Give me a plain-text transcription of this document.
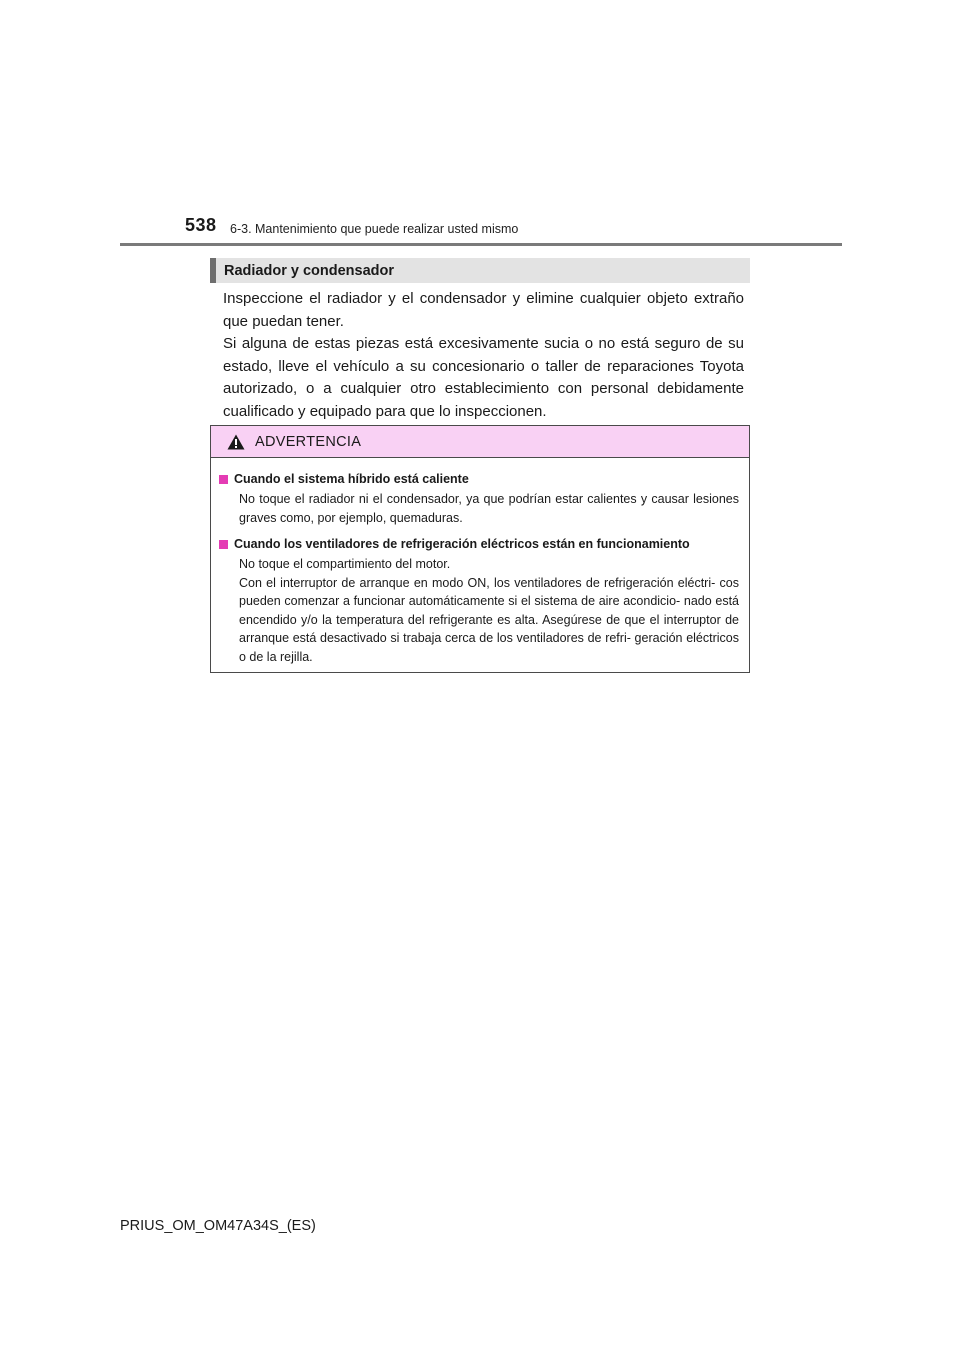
538 6-3. Mantenimiento que puede realizar usted mismo
Radiador y condensador

Inspeccione el radiador y el condensador y elimine cualquier objeto extraño que puedan tener.

Si alguna de estas piezas está excesivamente sucia o no está seguro de su estado, lleve el vehículo a su concesionario o taller de reparaciones Toyota autorizado, o a cualquier otro establecimiento con personal debidamente cualificado y equipado para que lo inspeccionen.

ADVERTENCIA
Cuando el sistema híbrido está caliente

No toque el radiador ni el condensador, ya que podrían estar calientes y causar lesiones graves como, por ejemplo, quemaduras.

Cuando los ventiladores de refrigeración eléctricos están en funcionamiento

No toque el compartimiento del motor.

Con el interruptor de arranque en modo ON, los ventiladores de refrigeración eléctri- cos pueden comenzar a funcionar automáticamente si el sistema de aire acondicio- nado está encendido y/o la temperatura del refrigerante es alta. Asegúrese de que el interruptor de arranque está desactivado si trabaja cerca de los ventiladores de refri- geración eléctricos o de la rejilla.

PRIUS_OM_OM47A34S_(ES)
